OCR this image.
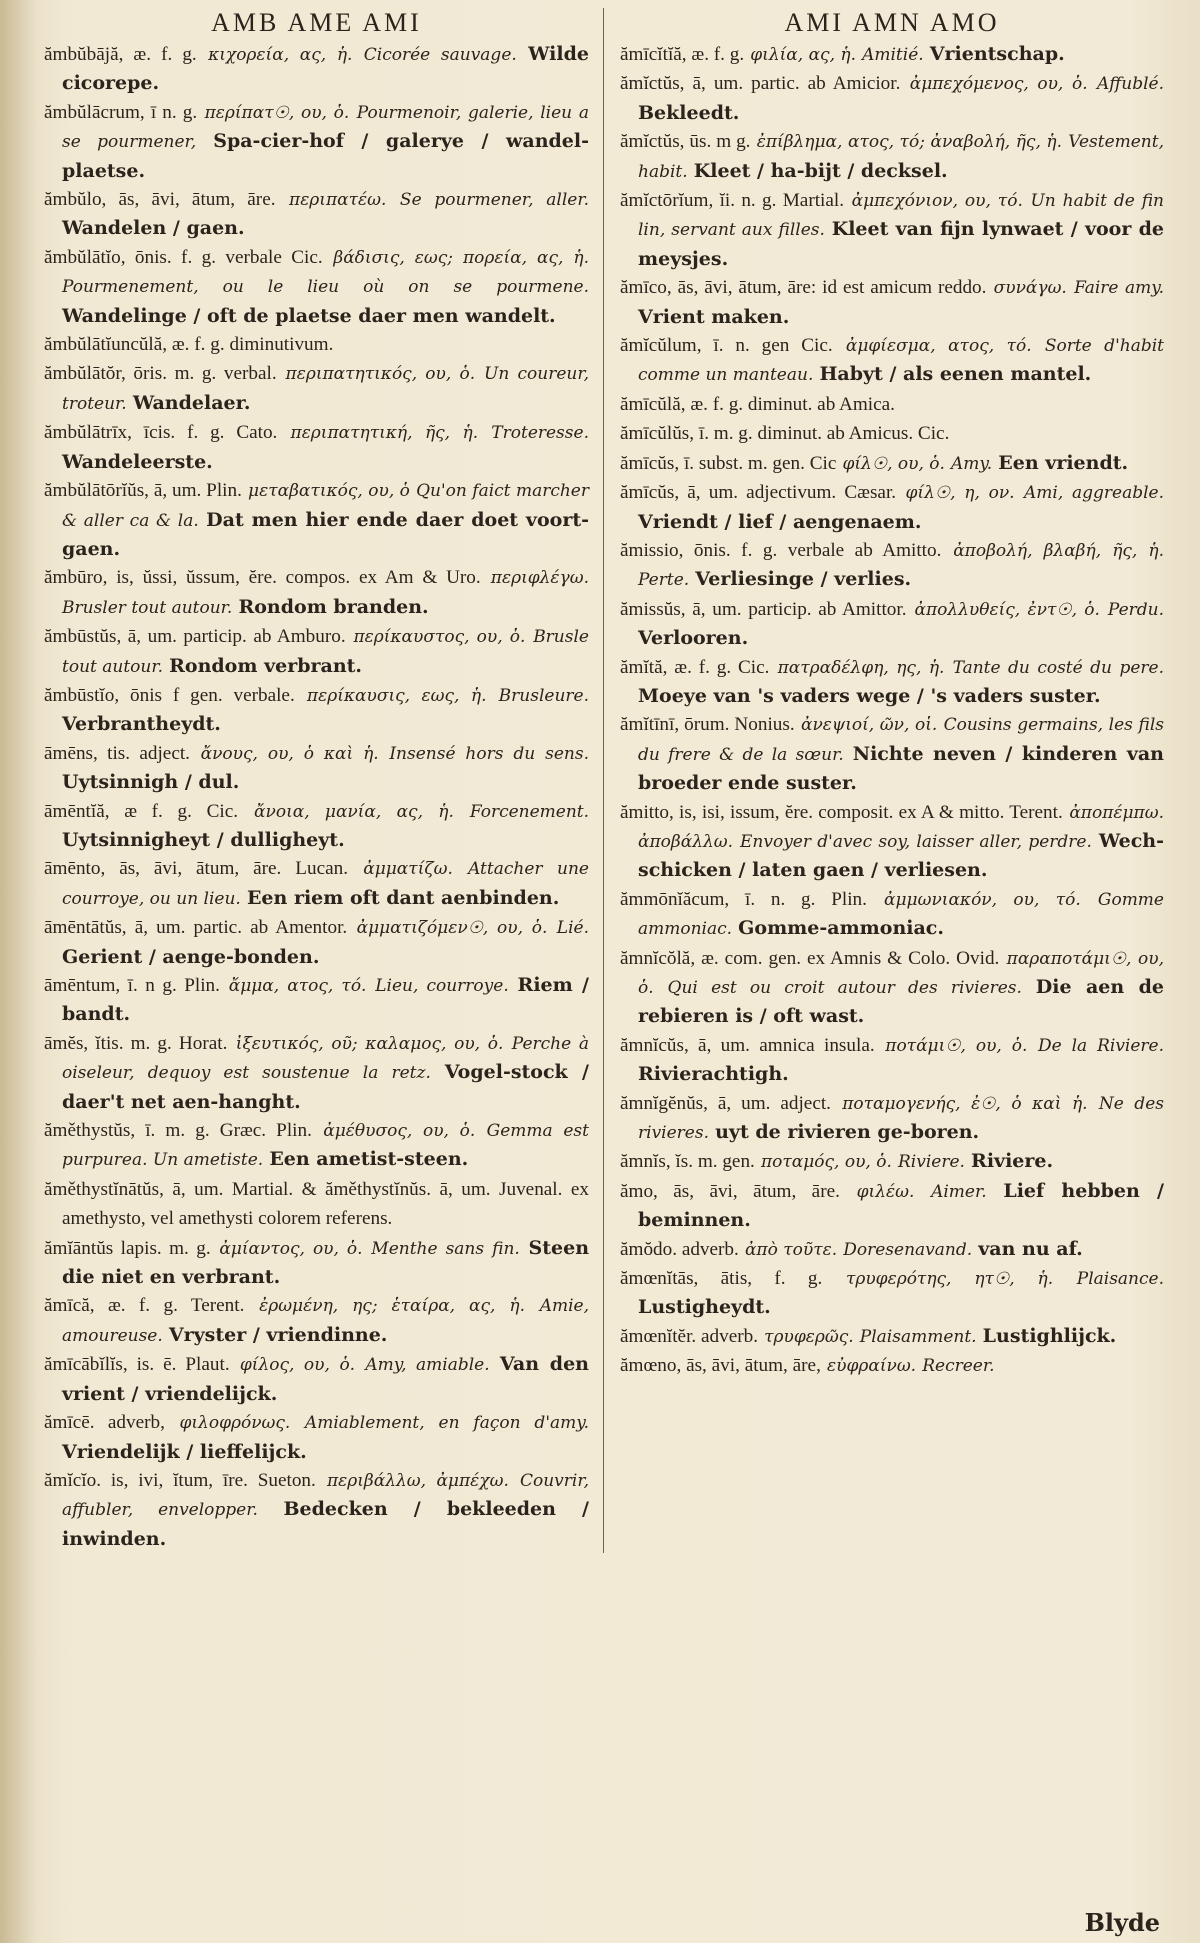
AMB AME AMI
ămbŭbājă, æ. f. g. κιχορεία, ας, ἡ. Cicorée sauvage. Wilde cicorepe.
ămbŭlācrum, ī n. g. περίπατ☉, ου, ὁ. Pourmenoir, galerie, lieu a se pourmener, Spa-cier-hof / galerye / wandel-plaetse.
ămbŭlo, ās, āvi, ātum, āre. περιπατέω. Se pourmener, aller. Wandelen / gaen.
ămbŭlātĭo, ōnis. f. g. verbale Cic. βάδισις, εως; πορεία, ας, ἡ. Pourmenement, ou le lieu où on se pourmene. Wandelinge / oft de plaetse daer men wandelt.
ămbŭlātĭuncŭlă, æ. f. g. diminutivum.
ămbŭlātŏr, ōris. m. g. verbal. περιπατητικός, ου, ὁ. Un coureur, troteur. Wandelaer.
ămbŭlātrīx, īcis. f. g. Cato. περιπατητική, ῆς, ἡ. Troteresse. Wandeleerste.
ămbŭlātōrĭŭs, ā, um. Plin. μεταβατικός, ου, ὁ Qu'on faict marcher & aller ca & la. Dat men hier ende daer doet voort-gaen.
ămbūro, is, ŭssi, ŭssum, ĕre. compos. ex Am & Uro. περιφλέγω. Brusler tout autour. Rondom branden.
ămbūstŭs, ā, um. particip. ab Amburo. περίκαυστος, ου, ὁ. Brusle tout autour. Rondom verbrant.
ămbūstĭo, ōnis f gen. verbale. περίκαυσις, εως, ἡ. Brusleure. Verbrantheydt.
āmēns, tis. adject. ἄνους, ου, ὁ καὶ ἡ. Insensé hors du sens. Uytsinnigh / dul.
āmēntĭă, æ f. g. Cic. ἄνοια, μανία, ας, ἡ. Forcenement. Uytsinnigheyt / dulligheyt.
āmēnto, ās, āvi, ātum, āre. Lucan. ἀμματίζω. Attacher une courroye, ou un lieu. Een riem oft dant aenbinden.
āmēntātŭs, ā, um. partic. ab Amentor. ἀμματιζόμεν☉, ου, ὁ. Lié. Gerient / aenge-bonden.
āmēntum, ī. n g. Plin. ἄμμα, ατος, τό. Lieu, courroye. Riem / bandt.
āmĕs, ĭtis. m. g. Horat. ἰξευτικός, οῦ; καλαμος, ου, ὁ. Perche à oiseleur, dequoy est soustenue la retz. Vogel-stock / daer't net aen-hanght.
ăměthystŭs, ī. m. g. Græc. Plin. ἀμέθυσος, ου, ὁ. Gemma est purpurea. Un ametiste. Een ametist-steen.
ăměthystĭnātŭs, ā, um. Martial. & ăměthystĭnŭs. ā, um. Juvenal. ex amethysto, vel amethysti colorem referens.
ămĭāntŭs lapis. m. g. ἀμίαντος, ου, ὁ. Menthe sans fin. Steen die niet en verbrant.
ămīcă, æ. f. g. Terent. ἐρωμένη, ης; ἑταίρα, ας, ἡ. Amie, amoureuse. Vryster / vriendinne.
ămīcābĭlĭs, is. ē. Plaut. φίλος, ου, ὁ. Amy, amiable. Van den vrient / vriendelijck.
ămīcē. adverb, φιλοφρόνως. Amiablement, en façon d'amy. Vriendelijk / lieffelijck.
ămĭcĭo. is, ivi, ĭtum, īre. Sueton. περιβάλλω, ἀμπέχω. Couvrir, affubler, envelopper. Bedecken / bekleeden / inwinden.
AMI AMN AMO
ămīcĭtĭă, æ. f. g. φιλία, ας, ἡ. Amitié. Vrientschap.
ămĭctŭs, ā, um. partic. ab Amicior. ἀμπεχόμενος, ου, ὁ. Affublé. Bekleedt.
ămĭctŭs, ūs. m g. ἐπίβλημα, ατος, τό; ἀναβολή, ῆς, ἡ. Vestement, habit. Kleet / ha-bijt / decksel.
ămĭctōrĭum, ĭi. n. g. Martial. ἀμπεχόνιον, ου, τό. Un habit de fin lin, servant aux filles. Kleet van fijn lynwaet / voor de meysjes.
ămīco, ās, āvi, ātum, āre: id est amicum reddo. συνάγω. Faire amy. Vrient maken.
ămĭcŭlum, ī. n. gen Cic. ἀμφίεσμα, ατος, τό. Sorte d'habit comme un manteau. Habyt / als eenen mantel.
ămīcŭlă, æ. f. g. diminut. ab Amica.
ămīcŭlŭs, ī. m. g. diminut. ab Amicus. Cic.
ămīcŭs, ī. subst. m. gen. Cic φίλ☉, ου, ὁ. Amy. Een vriendt.
ămīcŭs, ā, um. adjectivum. Cæsar. φίλ☉, η, ον. Ami, aggreable. Vriendt / lief / aengenaem.
ămissio, ōnis. f. g. verbale ab Amitto. ἀποβολή, βλαβή, ῆς, ἡ. Perte. Verliesinge / verlies.
ămissŭs, ā, um. particip. ab Amittor. ἀπολλυθείς, ἐντ☉, ὁ. Perdu. Verlooren.
ămĭtă, æ. f. g. Cic. πατραδέλφη, ης, ἡ. Tante du costé du pere. Moeye van 's vaders wege / 's vaders suster.
ămĭtīnī, ōrum. Nonius. ἀνεψιοί, ῶν, οἱ. Cousins germains, les fils du frere & de la sœur. Nichte neven / kinderen van broeder ende suster.
ămitto, is, isi, issum, ĕre. composit. ex A & mitto. Terent. ἀποπέμπω. ἀποβάλλω. Envoyer d'avec soy, laisser aller, perdre. Wech-schicken / laten gaen / verliesen.
ămmōnĭăcum, ī. n. g. Plin. ἀμμωνιακόν, ου, τό. Gomme ammoniac. Gomme-ammoniac.
ămnĭcŏlă, æ. com. gen. ex Amnis & Colo. Ovid. παραποτάμι☉, ου, ὁ. Qui est ou croit autour des rivieres. Die aen de rebieren is / oft wast.
ămnĭcŭs, ā, um. amnica insula. ποτάμι☉, ου, ὁ. De la Riviere. Rivierachtigh.
ămnĭgĕnŭs, ā, um. adject. ποταμογενής, ἐ☉, ὁ καὶ ἡ. Ne des rivieres. uyt de rivieren ge-boren.
ămnĭs, ĭs. m. gen. ποταμός, ου, ὁ. Riviere. Riviere.
ămo, ās, āvi, ātum, āre. φιλέω. Aimer. Lief hebben / beminnen.
ămŏdo. adverb. ἀπὸ τοῦτε. Doresenavand. van nu af.
ămœnĭtās, ātis, f. g. τρυφερότης, ητ☉, ἡ. Plaisance. Lustigheydt.
ămœnĭtĕr. adverb. τρυφερῶς. Plaisamment. Lustighlijck.
ămœno, ās, āvi, ātum, āre, εὐφραίνω. Recreer.
Blyde
